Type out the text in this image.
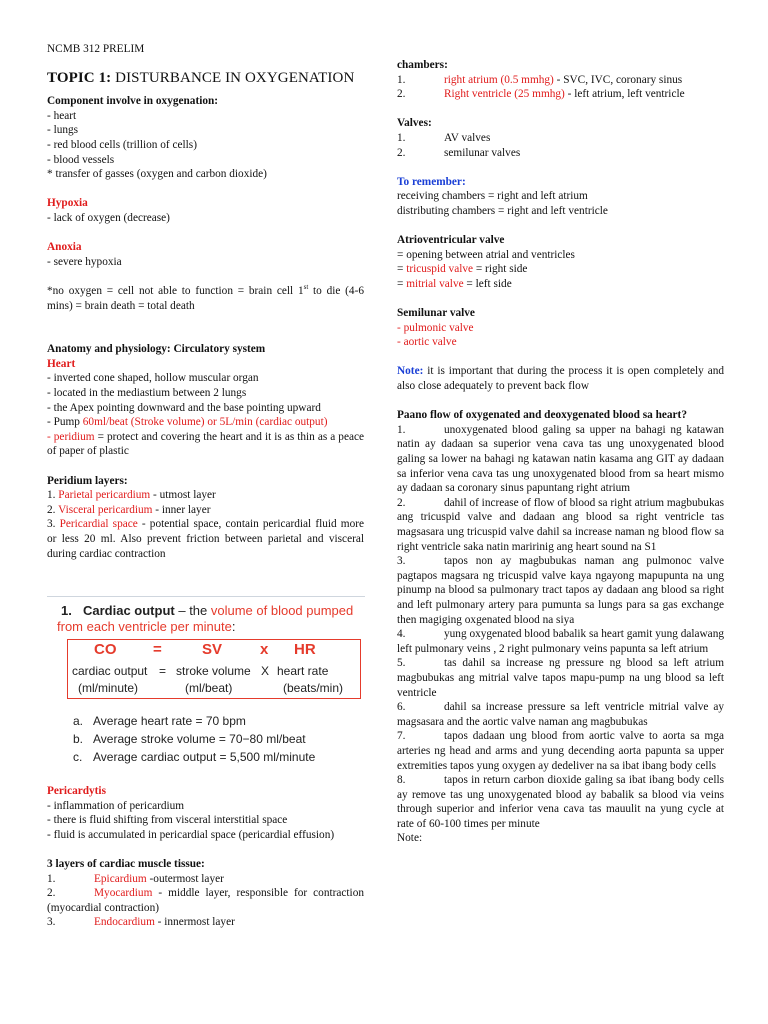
NCMB 312 PRELIM

TOPIC 1: DISTURBANCE IN OXYGENATION

Component involve in oxygenation:

- heart

- lungs

- red blood cells (trillion of cells)

- blood vessels

* transfer of gasses (oxygen and carbon dioxide)

Hypoxia

- lack of oxygen (decrease)

Anoxia

- severe hypoxia

*no oxygen = cell not able to function = brain cell 1st to die (4-6 mins) = brain death = total death

Anatomy and physiology: Circulatory system

Heart

- inverted cone shaped, hollow muscular organ

- located in the mediastium between 2 lungs

- the Apex pointing downward and the base pointing upward

- Pump 60ml/beat (Stroke volume) or 5L/min (cardiac output)

- peridium = protect and covering the heart and it is as thin as a peace of paper of plastic

Peridium layers:

1. Parietal pericardium - utmost layer

2. Visceral pericardium - inner layer

3. Pericardial space - potential space, contain pericardial fluid more or less 20 ml. Also prevent friction between parietal and visceral during cardiac contraction

1. Cardiac output – the volume of blood pumped from each ventricle per minute:
CO =	SV	x HR
cardiac output = stroke volume X heart rate
(ml/minute)	(ml/beat)	(beats/min)
a. Average heart rate = 70 bpm
b. Average stroke volume = 70−80 ml/beat
c. Average cardiac output = 5,500 ml/minute

Pericardytis

- inflammation of pericardium

- there is fluid shifting from visceral interstitial space

- fluid is accumulated in pericardial space (pericardial effusion)

3 layers of cardiac muscle tissue:

1.	Epicardium -outermost layer

2.	Myocardium - middle layer, responsible for contraction (myocardial contraction)

3.	Endocardium - innermost layer

chambers:

1.	right atrium (0.5 mmhg) - SVC, IVC, coronary sinus

2.	Right ventricle (25 mmhg) - left atrium, left ventricle

Valves:

1.	AV valves

2.	semilunar valves

To remember:

receiving chambers = right and left atrium

distributing chambers = right and left ventricle

Atrioventricular valve

= opening between atrial and ventricles

= tricuspid valve = right side

= mitrial valve = left side

Semilunar valve

- pulmonic valve

- aortic valve

Note: it is important that during the process it is open completely and also close adequately to prevent back flow

Paano flow of oxygenated and deoxygenated blood sa heart?

1.	unoxygenated blood galing sa upper na bahagi ng katawan natin ay dadaan sa superior vena cava tas ung unoxygenated blood galing sa lower na bahagi ng katawan natin kasama ang GIT ay dadaan sa inferior vena cava tas ung unoxygenated blood from sa heart mismo ay dadaan sa coronary sinus papuntang right atrium

2.	dahil of increase of flow of blood sa right atrium magbubukas ang tricuspid valve and dadaan ang blood sa right ventricle tas magsasara ung tricuspid valve dahil sa increase naman ng blood flow sa right ventricle saka natin maririnig ang heart sound na S1

3.	tapos non ay magbubukas naman ang pulmonoc valve pagtapos magsara ng tricuspid valve kaya ngayong mapupunta na ung pinump na blood sa pulmonary tract tapos ay dadaan ang blood sa right and left pulmonary artery para pumunta sa lungs para sa gas exchange then magiging oxgenated blood na siya

4.	yung oxygenated blood babalik sa heart gamit yung dalawang left pulmonary veins , 2 right pulmonary veins papunta sa left atrium

5.	tas dahil sa increase ng pressure ng blood sa left atrium magbubukas ang mitrial valve tapos mapu-pump na ung blood sa left ventricle

6.	dahil sa increase pressure sa left ventricle mitrial valve ay magsasara and the aortic valve naman ang magbubukas

7.	tapos dadaan ung blood from aortic valve to aorta sa mga arteries ng head and arms and yung decending aorta papunta sa upper extremities tapos yung oxygen ay dedeliver na sa ibat ibang body cells

8.	tapos in return carbon dioxide galing sa ibat ibang body cells ay remove tas ung unoxygenated blood ay babalik sa blood via veins through superior and inferior vena cava tas mauulit na yung cycle at rate of 60-100 times per minute

Note:
